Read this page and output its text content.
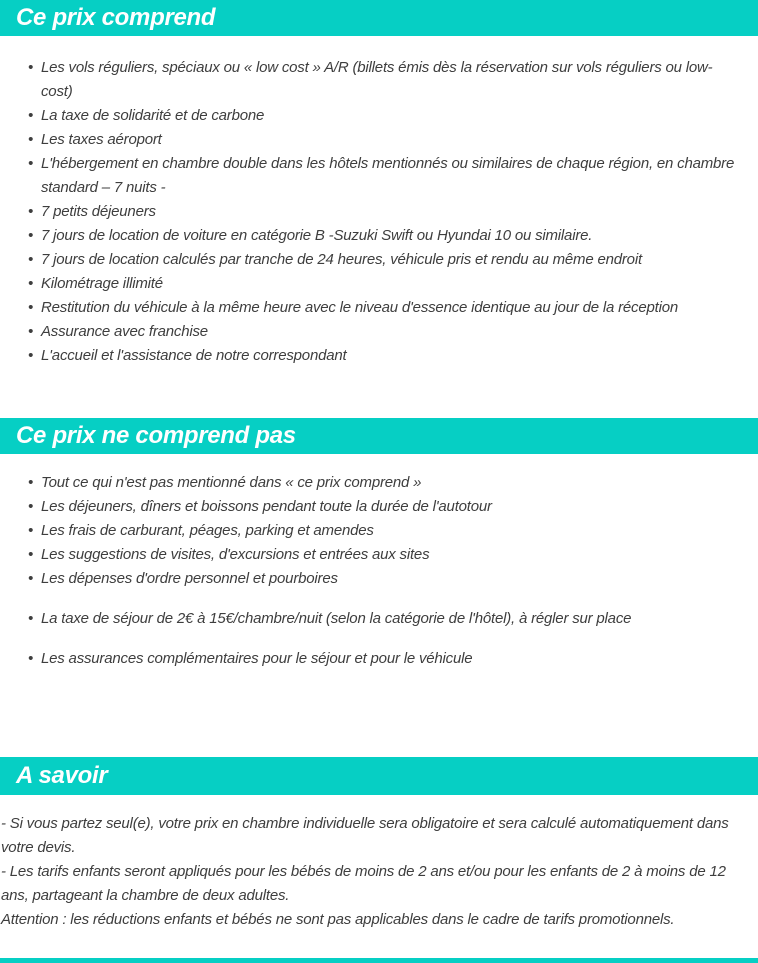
Ce prix comprend
• Les vols réguliers, spéciaux ou « low cost » A/R (billets émis dès la réservation sur vols réguliers ou low-cost)
• La taxe de solidarité et de carbone
• Les taxes aéroport
• L'hébergement en chambre double dans les hôtels mentionnés ou similaires de chaque région, en chambre standard – 7 nuits -
• 7 petits déjeuners
• 7 jours de location de voiture en catégorie B -Suzuki Swift ou Hyundai 10 ou similaire.
• 7 jours de location calculés par tranche de 24 heures, véhicule pris et rendu au même endroit
• Kilométrage illimité
• Restitution du véhicule à la même heure avec le niveau d'essence identique au jour de la réception
• Assurance avec franchise
• L'accueil et l'assistance de notre correspondant
Ce prix ne comprend pas
• Tout ce qui n'est pas mentionné dans « ce prix comprend »
• Les déjeuners, dîners et boissons pendant toute la durée de l'autotour
• Les frais de carburant, péages, parking et amendes
• Les suggestions de visites, d'excursions et entrées aux sites
• Les dépenses d'ordre personnel et pourboires
• La taxe de séjour de 2€ à 15€/chambre/nuit (selon la catégorie de l'hôtel), à régler sur place
• Les assurances complémentaires pour le séjour et pour le véhicule
A savoir

- Si vous partez seul(e), votre prix en chambre individuelle sera obligatoire et sera calculé automatiquement dans votre devis.

- Les tarifs enfants seront appliqués pour les bébés de moins de 2 ans et/ou pour les enfants de 2 à moins de 12 ans, partageant la chambre de deux adultes.

Attention : les réductions enfants et bébés ne sont pas applicables dans le cadre de tarifs promotionnels.
